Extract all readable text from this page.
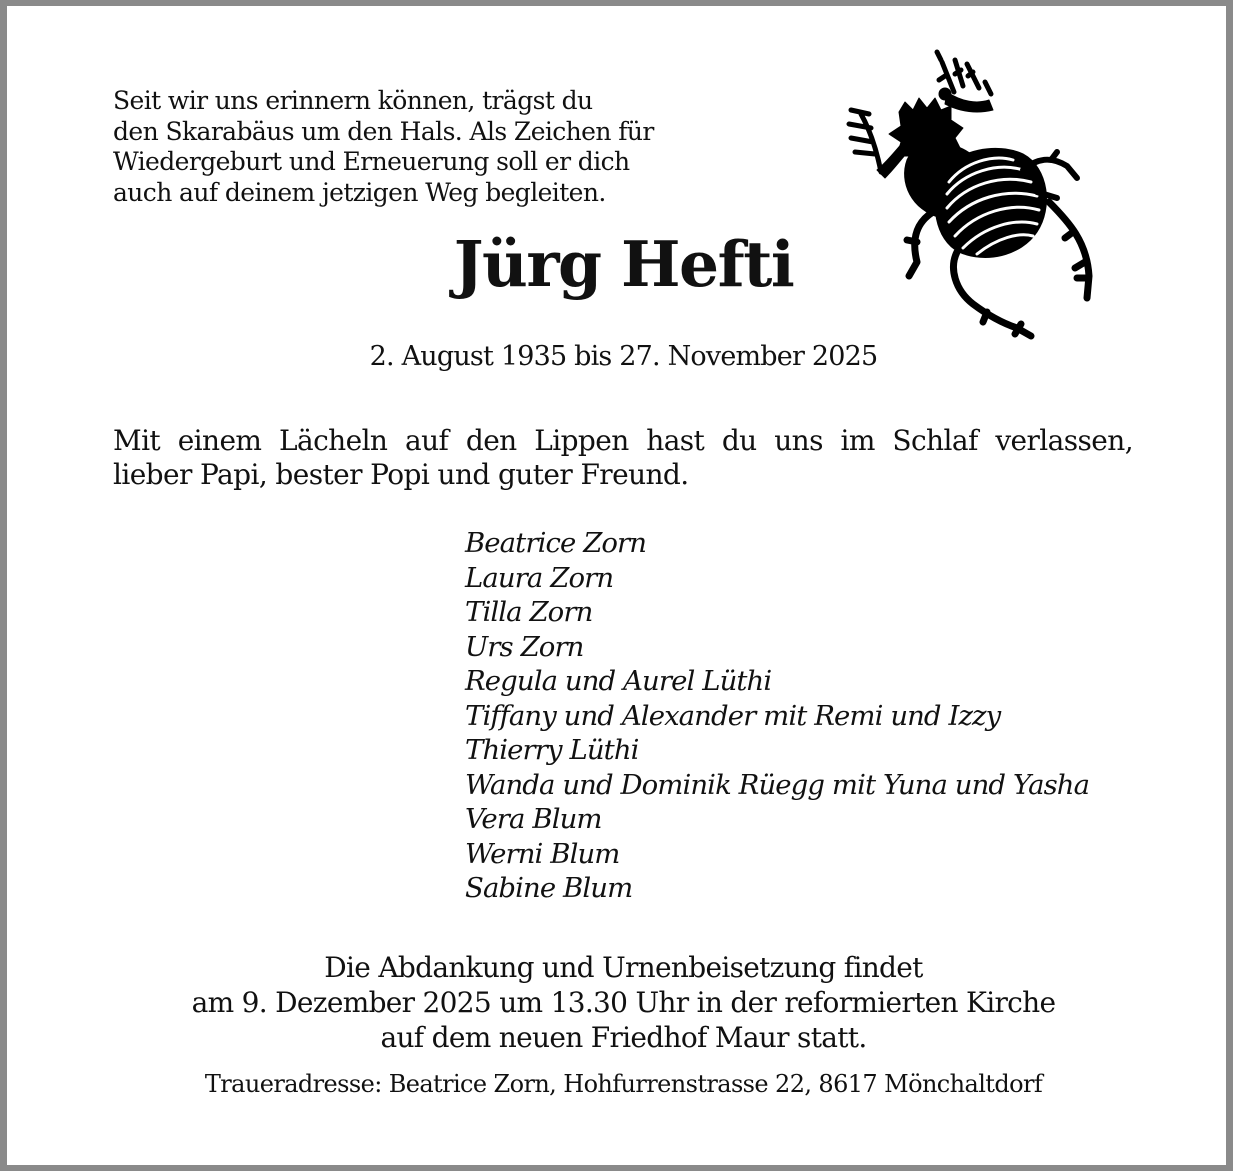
Seit wir uns erinnern können, trägst du
den Skarabäus um den Hals. Als Zeichen für
Wiedergeburt und Erneuerung soll er dich
auch auf deinem jetzigen Weg begleiten.
Jürg Hefti
2. August 1935 bis 27. November 2025
Mit einem Lächeln auf den Lippen hast du uns im Schlaf verlassen,
lieber Papi, bester Popi und guter Freund.
Beatrice Zorn
Laura Zorn
Tilla Zorn
Urs Zorn
Regula und Aurel Lüthi
Tiffany und Alexander mit Remi und Izzy
Thierry Lüthi
Wanda und Dominik Rüegg mit Yuna und Yasha
Vera Blum
Werni Blum
Sabine Blum
Die Abdankung und Urnenbeisetzung findet
am 9. Dezember 2025 um 13.30 Uhr in der reformierten Kirche
auf dem neuen Friedhof Maur statt.
Traueradresse: Beatrice Zorn, Hohfurrenstrasse 22, 8617 Mönchaltdorf
